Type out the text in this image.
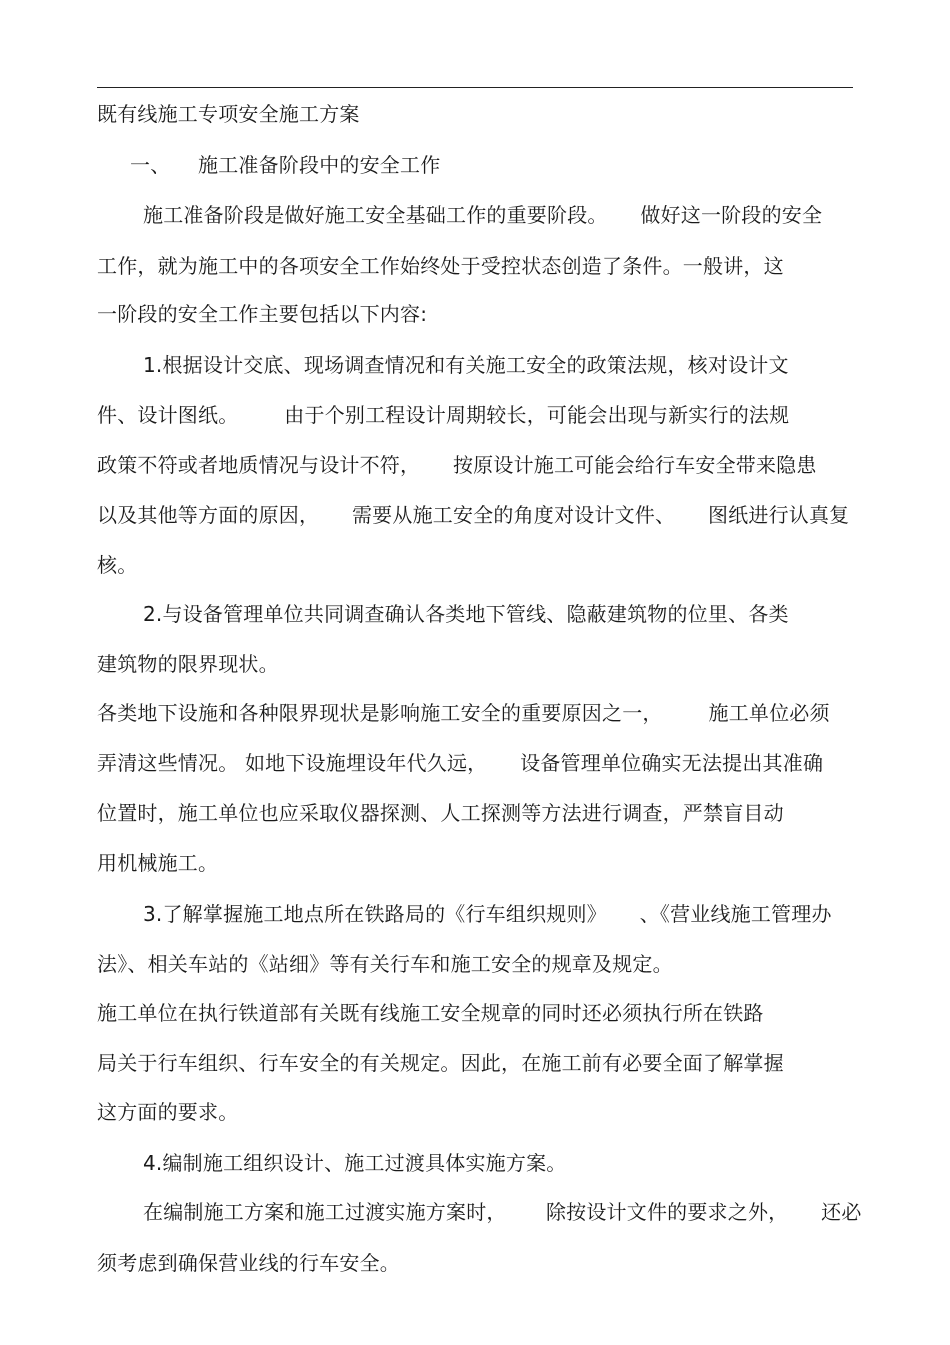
既有线施工专项安全施工方案
一、 施工准备阶段中的安全工作
施工准备阶段是做好施工安全基础工作的重要阶段。     做好这一阶段的安全
工作，就为施工中的各项安全工作始终处于受控状态创造了条件。一般讲，这
一阶段的安全工作主要包括以下内容:
1.根据设计交底、现场调查情况和有关施工安全的政策法规，核对设计文
件、设计图纸。       由于个别工程设计周期较长，可能会出现与新实行的法规
政策不符或者地质情况与设计不符，     按原设计施工可能会给行车安全带来隐患
以及其他等方面的原因，     需要从施工安全的角度对设计文件、     图纸进行认真复
核。
2.与设备管理单位共同调查确认各类地下管线、隐蔽建筑物的位里、各类
建筑物的限界现状。
各类地下设施和各种限界现状是影响施工安全的重要原因之一，       施工单位必须
弄清这些情况。 如地下设施埋设年代久远，     设备管理单位确实无法提出其准确
位置时，施工单位也应采取仪器探测、人工探测等方法进行调查，严禁盲目动
用机械施工。
3.了解掌握施工地点所在铁路局的《行车组织规则》     、《营业线施工管理办
法》、相关车站的《站细》等有关行车和施工安全的规章及规定。
施工单位在执行铁道部有关既有线施工安全规章的同时还必须执行所在铁路
局关于行车组织、行车安全的有关规定。因此，在施工前有必要全面了解掌握
这方面的要求。
4.编制施工组织设计、施工过渡具体实施方案。
在编制施工方案和施工过渡实施方案时，      除按设计文件的要求之外，     还必
须考虑到确保营业线的行车安全。
